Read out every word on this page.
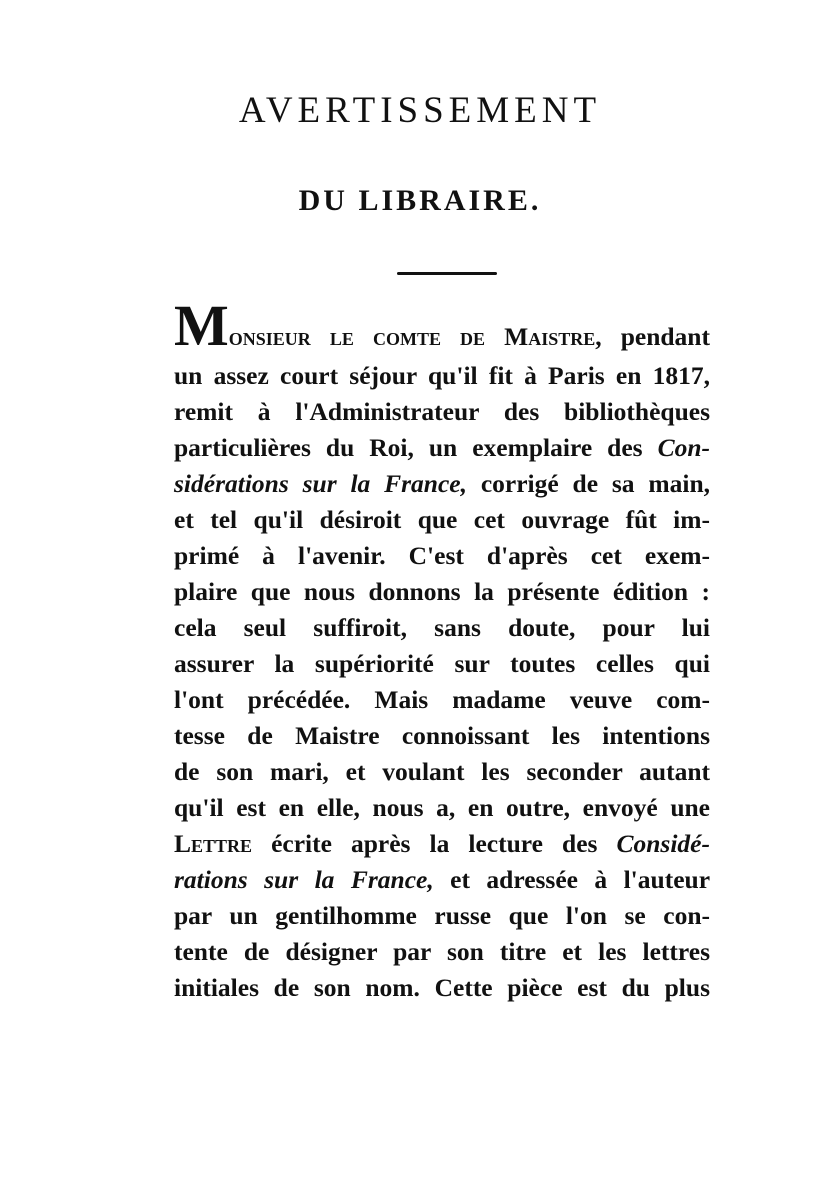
AVERTISSEMENT
DU LIBRAIRE.
Monsieur le comte de Maistre, pendant
un assez court séjour qu'il fit à Paris en 1817,
remit à l'Administrateur des bibliothèques
particulières du Roi, un exemplaire des Con-
sidérations sur la France, corrigé de sa main,
et tel qu'il désiroit que cet ouvrage fût im-
primé à l'avenir. C'est d'après cet exem-
plaire que nous donnons la présente édition :
cela seul suffiroit, sans doute, pour lui
assurer la supériorité sur toutes celles qui
l'ont précédée. Mais madame veuve com-
tesse de Maistre connoissant les intentions
de son mari, et voulant les seconder autant
qu'il est en elle, nous a, en outre, envoyé une
Lettre écrite après la lecture des Considé-
rations sur la France, et adressée à l'auteur
par un gentilhomme russe que l'on se con-
tente de désigner par son titre et les lettres
initiales de son nom. Cette pièce est du plus
